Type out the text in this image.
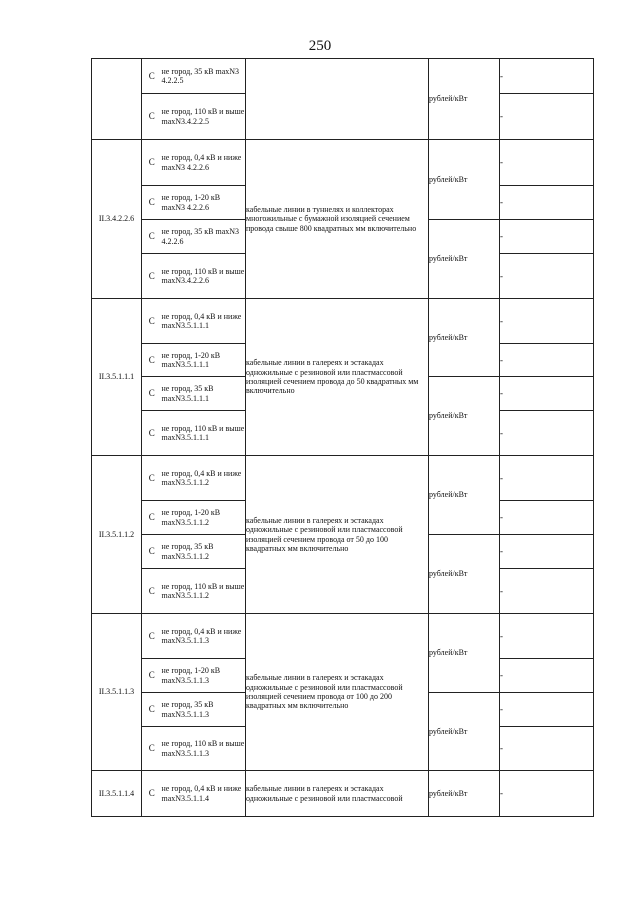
250
	С	не город, 35 кВ maxN3 4.2.2.5		рублей/кВт	-
	С	не город, 110 кВ и выше maxN3.4.2.2.5			-
II.3.4.2.2.6	С	не город, 0,4 кВ и ниже maxN3 4.2.2.6	кабельные линии в туннелях и коллекторах многожильные с бумажной изоляцией сечением провода свыше 800 квадратных мм включительно	рублей/кВт	-
	С	не город, 1-20 кВ maxN3 4.2.2.6			-
	С	не город, 35 кВ maxN3 4.2.2.6		рублей/кВт	-
	С	не город, 110 кВ и выше maxN3.4.2.2.6			-
II.3.5.1.1.1	С	не город, 0,4 кВ и ниже maxN3.5.1.1.1	кабельные линии в галереях и эстакадах одножильные с резиновой или пластмассовой изоляцией сечением провода до 50 квадратных мм включительно	рублей/кВт	-
	С	не город, 1-20 кВ maxN3.5.1.1.1			-
	С	не город, 35 кВ maxN3.5.1.1.1		рублей/кВт	-
	С	не город, 110 кВ и выше maxN3.5.1.1.1			-
II.3.5.1.1.2	С	не город, 0,4 кВ и ниже maxN3.5.1.1.2	кабельные линии в галереях и эстакадах одножильные с резиновой или пластмассовой изоляцией сечением провода от 50 до 100 квадратных мм включительно	рублей/кВт	-
	С	не город, 1-20 кВ maxN3.5.1.1.2			-
	С	не город, 35 кВ maxN3.5.1.1.2		рублей/кВт	-
	С	не город, 110 кВ и выше maxN3.5.1.1.2			-
II.3.5.1.1.3	С	не город, 0,4 кВ и ниже maxN3.5.1.1.3	кабельные линии в галереях и эстакадах одножильные с резиновой или пластмассовой изоляцией сечением провода от 100 до 200 квадратных мм включительно	рублей/кВт	-
	С	не город, 1-20 кВ maxN3.5.1.1.3			-
	С	не город, 35 кВ maxN3.5.1.1.3		рублей/кВт	-
	С	не город, 110 кВ и выше maxN3.5.1.1.3			-
II.3.5.1.1.4	С	не город, 0,4 кВ и ниже maxN3.5.1.1.4	кабельные линии в галереях и эстакадах одножильные с резиновой или пластмассовой	рублей/кВт	-
